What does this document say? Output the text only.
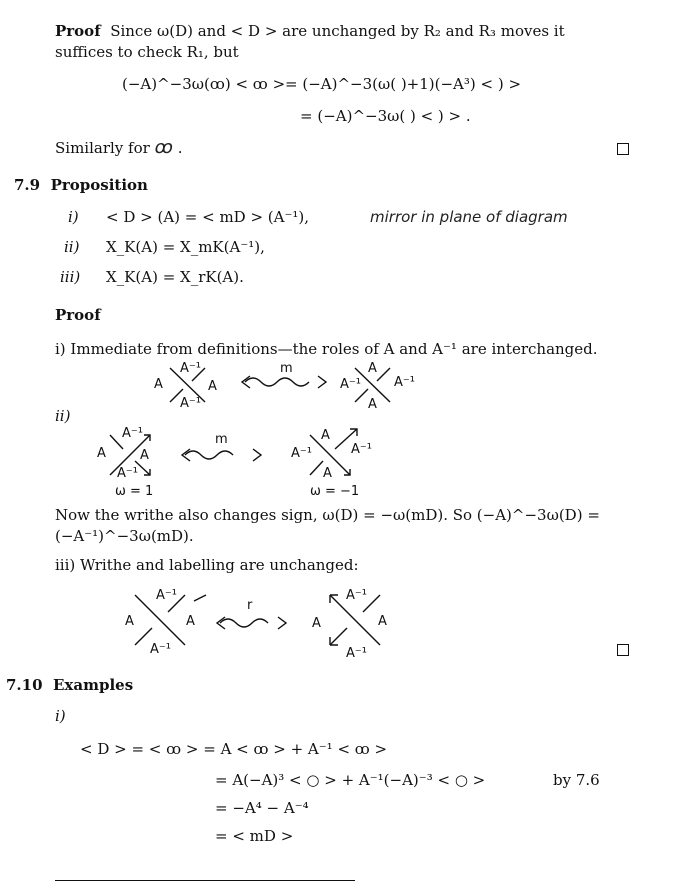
Proof Since ω(D) and < D > are unchanged by R₂ and R₃ moves it
suffices to check R₁, but
(−A)^−3ω(ꝏ) < ꝏ > = (−A)^−3(ω( )+1)(−A³) < ) >
= (−A)^−3ω( ) < ) > .
Similarly for ꝏ .
7.9 Proposition
i) < D > (A) = < mD > (A⁻¹),	mirror in plane of diagram
ii) X_K(A) = X_mK(A⁻¹),
iii) X_K(A) = X_rK(A).
Proof
i) Immediate from definitions—the roles of A and A⁻¹ are interchanged.
A
A⁻¹
A
A⁻¹
m
A⁻¹
A
A⁻¹
A
ii)
A
A⁻¹
A
A⁻¹
ω = 1
m
A⁻¹
A
A⁻¹
A
ω = −1
Now the writhe also changes sign, ω(D) = −ω(mD). So (−A)^−3ω(D) =
(−A⁻¹)^−3ω(mD).
iii) Writhe and labelling are unchanged:
A
A⁻¹
A
A⁻¹
r
A
A⁻¹
A
A⁻¹
7.10 Examples
i)
< D > = < ꝏ > = A < ꝏ > + A⁻¹ < ꝏ >
= A(−A)³ < ○ > + A⁻¹(−A)⁻³ < ○ >	by 7.6
= −A⁴ − A⁻⁴
= < mD >
